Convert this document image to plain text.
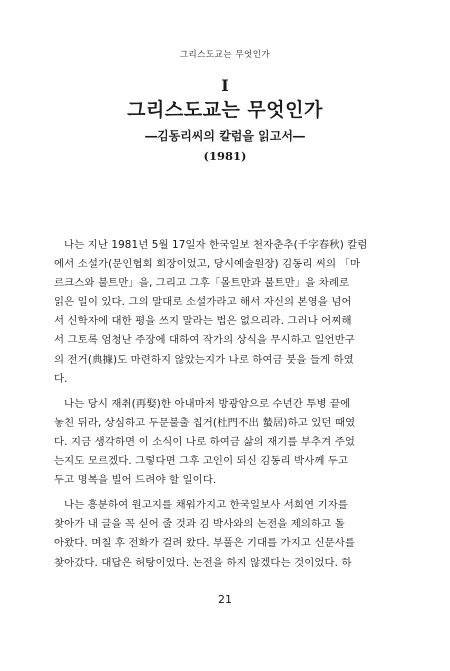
그리스도교는 무엇인가
I
그리스도교는 무엇인가
―김동리씨의 칼럼을 읽고서―
(1981)
나는 지난 1981년 5월 17일자 한국일보 천자춘추(千字春秋) 칼럼
에서 소설가(문인협회 회장이었고, 당시예술원장) 김동리 씨의 「마
르크스와 불트만」을, 그리고 그후「몰트만과 불트만」을 차례로
읽은 일이 있다. 그의 말대로 소설가라고 해서 자신의 본영을 넘어
서 신학자에 대한 평을 쓰지 말라는 법은 없으리라. 그러나 어찌해
서 그토록 엄청난 주장에 대하여 작가의 상식을 무시하고 일언반구
의 전거(典據)도 마련하지 않았는지가 나로 하여금 붓을 들게 하였
다.
나는 당시 재취(再娶)한 아내마저 방광암으로 수년간 투병 끝에
놓친 뒤라, 상심하고 두문불출 칩거(杜門不出 蟄居)하고 있던 때였
다. 지금 생각하면 이 소식이 나로 하여금 삶의 재기를 부추겨 주었
는지도 모르겠다. 그렇다면 그후 고인이 되신 김동리 박사께 두고
두고 명복을 빌어 드려야 할 일이다.
나는 흥분하여 원고지를 채워가지고 한국일보사 서희연 기자를
찾아가 내 글을 꼭 싣어 줄 것과 김 박사와의 논전을 제의하고 돌
아왔다. 며칠 후 전화가 걸려 왔다. 부풀은 기대를 가지고 신문사를
찾아갔다. 대답은 허탕이었다. 논전을 하지 않겠다는 것이었다. 하
21
